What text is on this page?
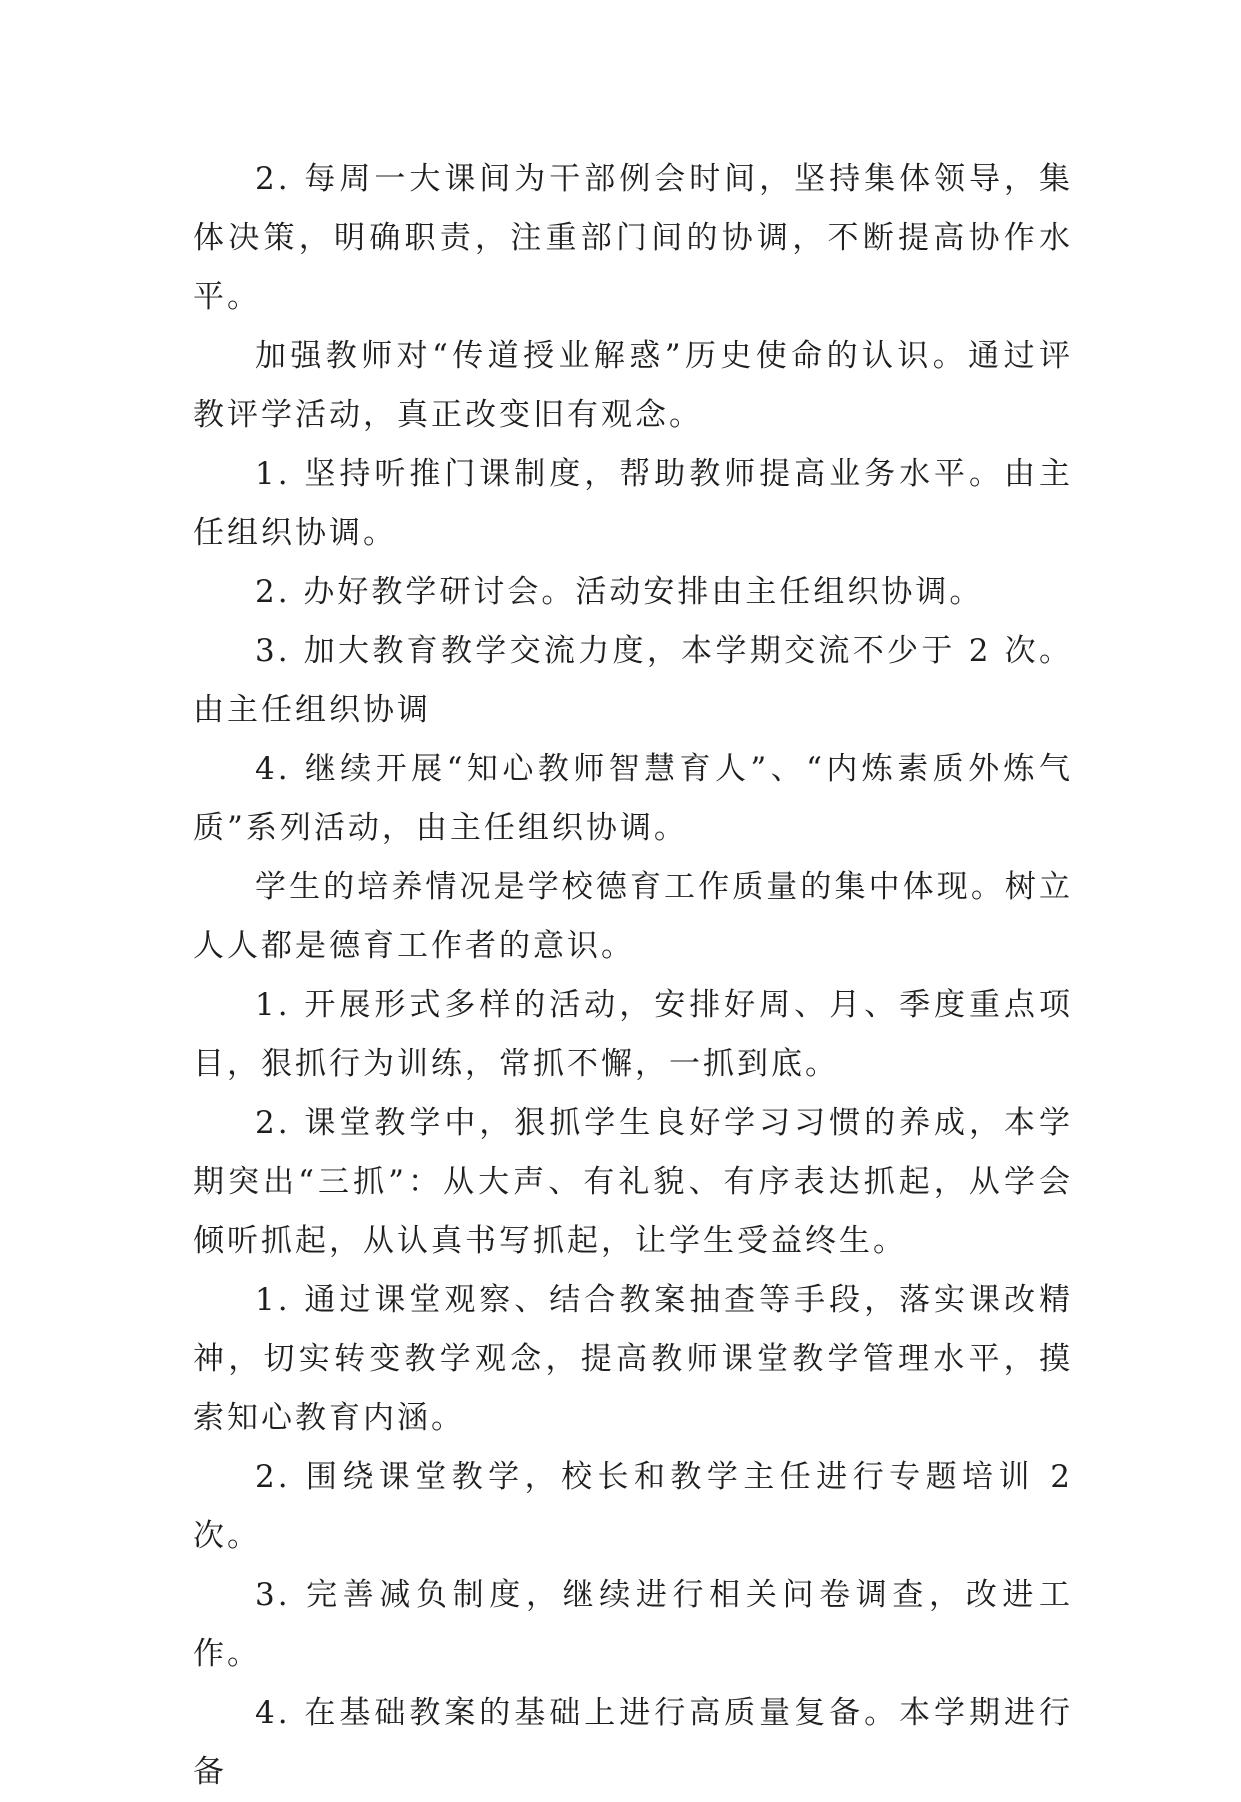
2. 每周一大课间为干部例会时间，坚持集体领导，集体决策，明确职责，注重部门间的协调，不断提高协作水平。

加强教师对“传道授业解惑”历史使命的认识。通过评教评学活动，真正改变旧有观念。

1. 坚持听推门课制度，帮助教师提高业务水平。由主任组织协调。

2. 办好教学研讨会。活动安排由主任组织协调。

3. 加大教育教学交流力度，本学期交流不少于 2 次。由主任组织协调

4. 继续开展“知心教师智慧育人”、“内炼素质外炼气质”系列活动，由主任组织协调。

学生的培养情况是学校德育工作质量的集中体现。树立人人都是德育工作者的意识。

1. 开展形式多样的活动，安排好周、月、季度重点项目，狠抓行为训练，常抓不懈，一抓到底。

2. 课堂教学中，狠抓学生良好学习习惯的养成，本学期突出“三抓”：从大声、有礼貌、有序表达抓起，从学会倾听抓起，从认真书写抓起，让学生受益终生。

1. 通过课堂观察、结合教案抽查等手段，落实课改精神，切实转变教学观念，提高教师课堂教学管理水平，摸索知心教育内涵。

2. 围绕课堂教学，校长和教学主任进行专题培训 2 次。

3. 完善减负制度，继续进行相关问卷调查，改进工作。

4. 在基础教案的基础上进行高质量复备。本学期进行备
